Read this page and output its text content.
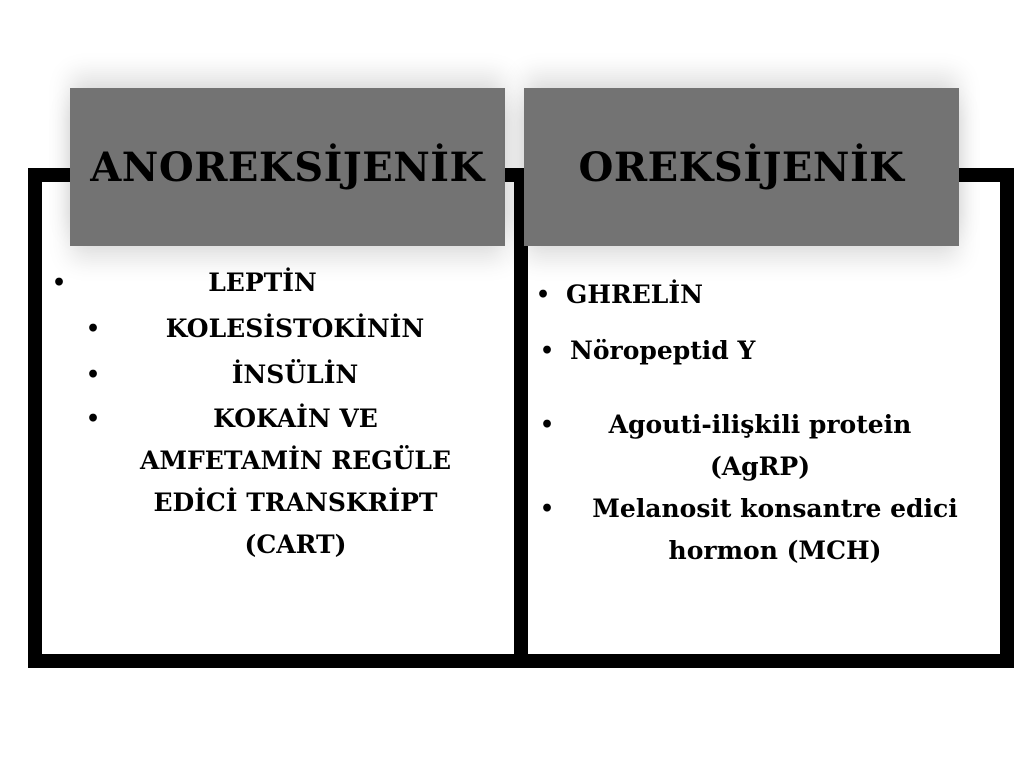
ANOREKSİJENİK OREKSİJENİK
•	LEPTİN
•	KOLESİSTOKİNİN
•	İNSÜLİN
•	KOKAİN VE AMFETAMİN REGÜLE EDİCİ TRANSKRİPT (CART)
• GHRELİN
• Nöropeptid Y
•	Agouti-ilişkili protein (AgRP)
•	Melanosit konsantre edici hormon (MCH)
